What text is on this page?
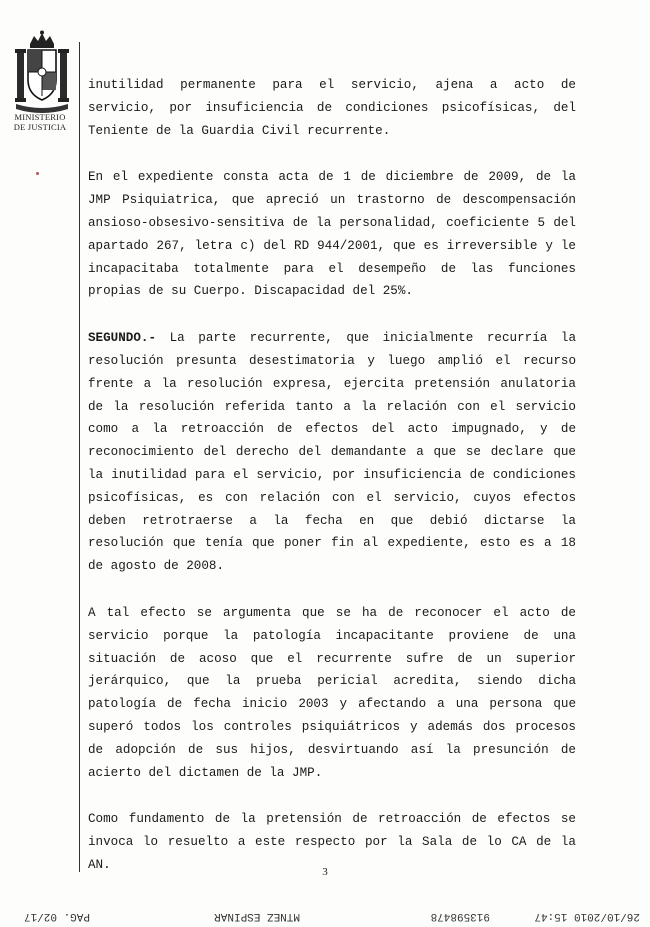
MINISTERIO
DE JUSTICIA

inutilidad permanente para el servicio, ajena a acto de servicio, por insuficiencia de condiciones psicofísicas, del Teniente de la Guardia Civil recurrente.

En el expediente consta acta de 1 de diciembre de 2009, de la JMP Psiquiatrica, que apreció un trastorno de descompensación ansioso-obsesivo-sensitiva de la personalidad, coeficiente 5 del apartado 267, letra c) del RD 944/2001, que es irreversible y le incapacitaba totalmente para el desempeño de las funciones propias de su Cuerpo. Discapacidad del 25%.

SEGUNDO.- La parte recurrente, que inicialmente recurría la resolución presunta desestimatoria y luego amplió el recurso frente a la resolución expresa, ejercita pretensión anulatoria de la resolución referida tanto a la relación con el servicio como a la retroacción de efectos del acto impugnado, y de reconocimiento del derecho del demandante a que se declare que la inutilidad para el servicio, por insuficiencia de condiciones psicofísicas, es con relación con el servicio, cuyos efectos deben retrotraerse a la fecha en que debió dictarse la resolución que tenía que poner fin al expediente, esto es a 18 de agosto de 2008.

A tal efecto se argumenta que se ha de reconocer el acto de servicio porque la patología incapacitante proviene de una situación de acoso que el recurrente sufre de un superior jerárquico, que la prueba pericial acredita, siendo dicha patología de fecha inicio 2003 y afectando a una persona que superó todos los controles psiquiátricos y además dos procesos de adopción de sus hijos, desvirtuando así la presunción de acierto del dictamen de la JMP.

Como fundamento de la pretensión de retroacción de efectos se invoca lo resuelto a este respecto por la Sala de lo CA de la AN.

3
26/10/2010 15:47
913598478
MTNEZ ESPINAR
PAG. 02/17
